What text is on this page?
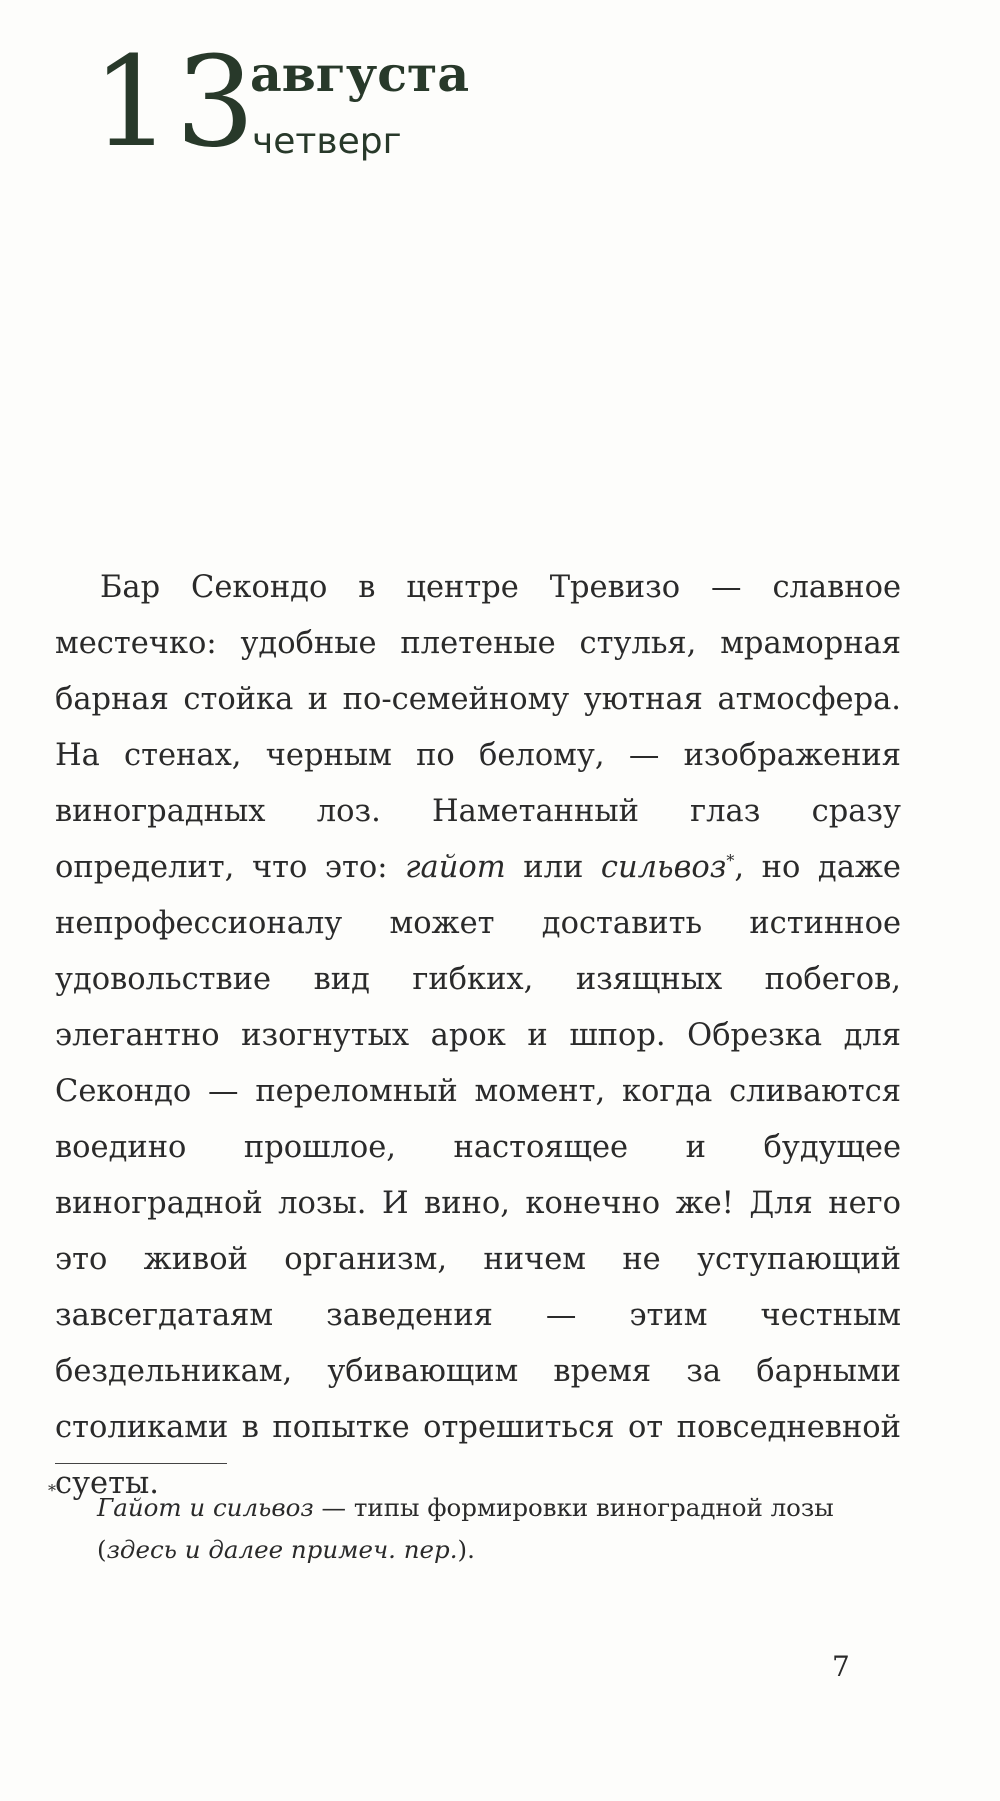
13
августа
четверг

Бар Секондо в центре Тревизо — славное местечко: удобные плетеные стулья, мраморная барная стойка и по-семейному уютная атмосфера. На стенах, черным по белому, — изображения виноградных лоз. Наметанный глаз сразу определит, что это: гайот или сильвоз*, но даже непрофессионалу может доставить истинное удовольствие вид гибких, изящных побегов, элегантно изогнутых арок и шпор. Обрезка для Секондо — переломный момент, когда сливаются воедино прошлое, настоящее и будущее виноградной лозы. И вино, конечно же! Для него это живой организм, ничем не уступающий завсегдатаям заведения — этим честным бездельникам, убивающим время за барными столиками в попытке отрешиться от повседневной суеты.

*
Гайот и сильвоз — типы формировки виноградной лозы (здесь и далее примеч. пер.).

7
